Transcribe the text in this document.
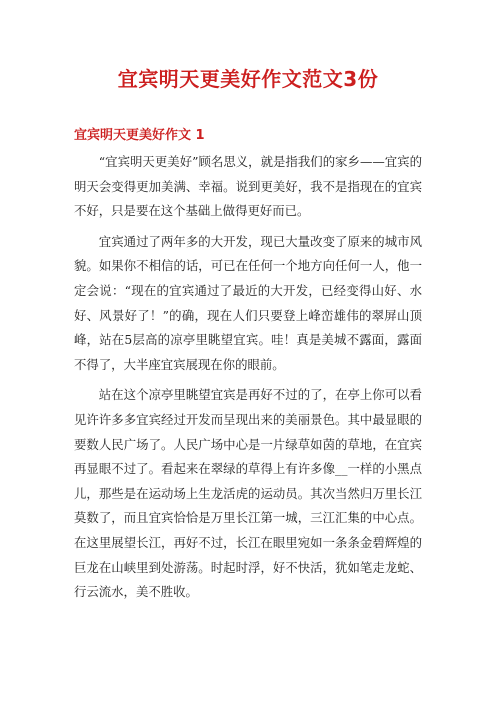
宜宾明天更美好作文范文3份
宜宾明天更美好作文 1

“宜宾明天更美好”顾名思义，就是指我们的家乡——宜宾的明天会变得更加美满、幸福。说到更美好，我不是指现在的宜宾不好，只是要在这个基础上做得更好而已。

宜宾通过了两年多的大开发，现已大量改变了原来的城市风貌。如果你不相信的话，可已在任何一个地方向任何一人，他一定会说：“现在的宜宾通过了最近的大开发，已经变得山好、水好、风景好了！”的确，现在人们只要登上峰峦雄伟的翠屏山顶峰，站在5层高的凉亭里眺望宜宾。哇！真是美城不露面，露面不得了，大半座宜宾展现在你的眼前。

站在这个凉亭里眺望宜宾是再好不过的了，在亭上你可以看见许许多多宜宾经过开发而呈现出来的美丽景色。其中最显眼的要数人民广场了。人民广场中心是一片绿草如茵的草地，在宜宾再显眼不过了。看起来在翠绿的草得上有许多像__一样的小黑点儿，那些是在运动场上生龙活虎的运动员。其次当然归万里长江莫数了，而且宜宾恰恰是万里长江第一城，三江汇集的中心点。在这里展望长江，再好不过，长江在眼里宛如一条条金碧辉煌的巨龙在山峡里到处游荡。时起时浮，好不快活，犹如笔走龙蛇、行云流水，美不胜收。
